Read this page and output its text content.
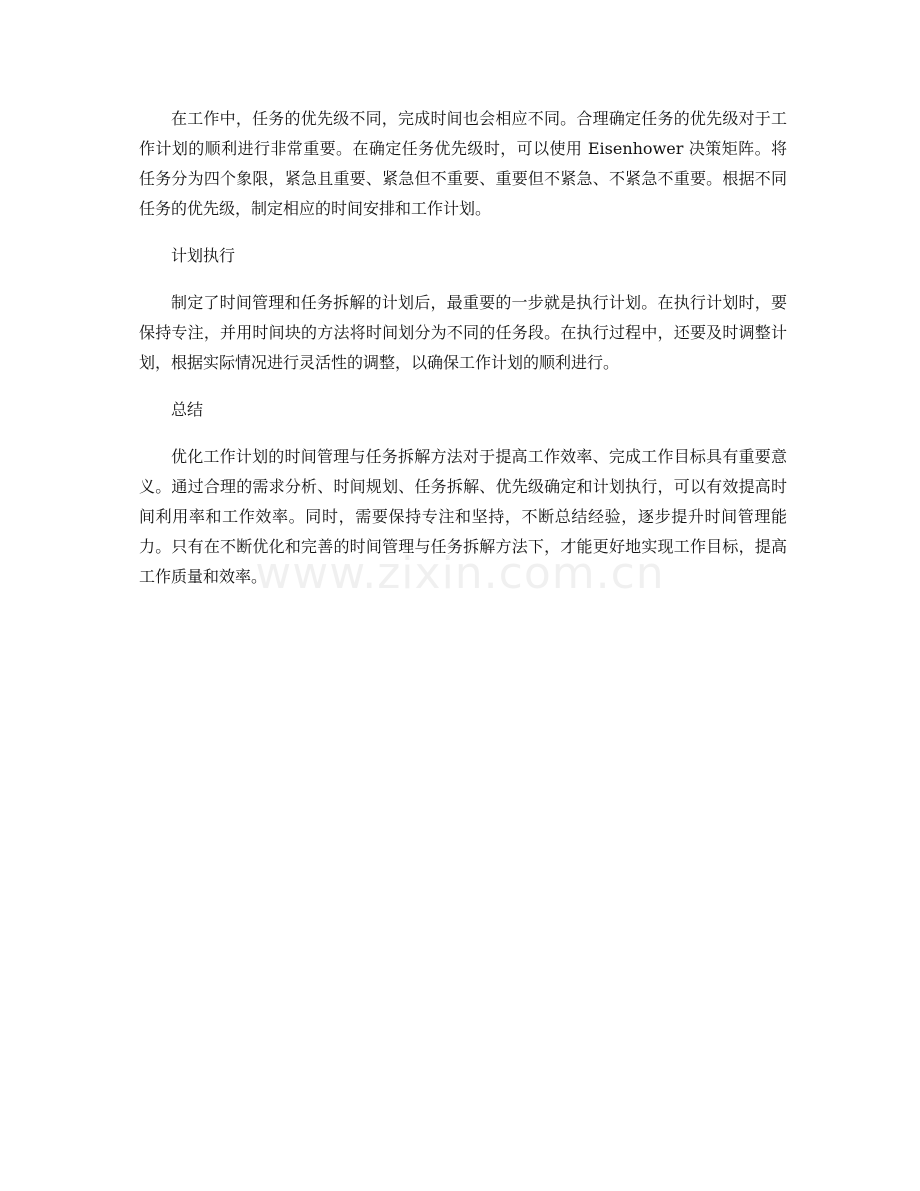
在工作中，任务的优先级不同，完成时间也会相应不同。合理确定任务的优先级对于工作计划的顺利进行非常重要。在确定任务优先级时，可以使用 Eisenhower 决策矩阵。将任务分为四个象限，紧急且重要、紧急但不重要、重要但不紧急、不紧急不重要。根据不同任务的优先级，制定相应的时间安排和工作计划。

计划执行

制定了时间管理和任务拆解的计划后，最重要的一步就是执行计划。在执行计划时，要保持专注，并用时间块的方法将时间划分为不同的任务段。在执行过程中，还要及时调整计划，根据实际情况进行灵活性的调整，以确保工作计划的顺利进行。

总结

优化工作计划的时间管理与任务拆解方法对于提高工作效率、完成工作目标具有重要意义。通过合理的需求分析、时间规划、任务拆解、优先级确定和计划执行，可以有效提高时间利用率和工作效率。同时，需要保持专注和坚持，不断总结经验，逐步提升时间管理能力。只有在不断优化和完善的时间管理与任务拆解方法下，才能更好地实现工作目标，提高工作质量和效率。

www.zixin.com.cn
